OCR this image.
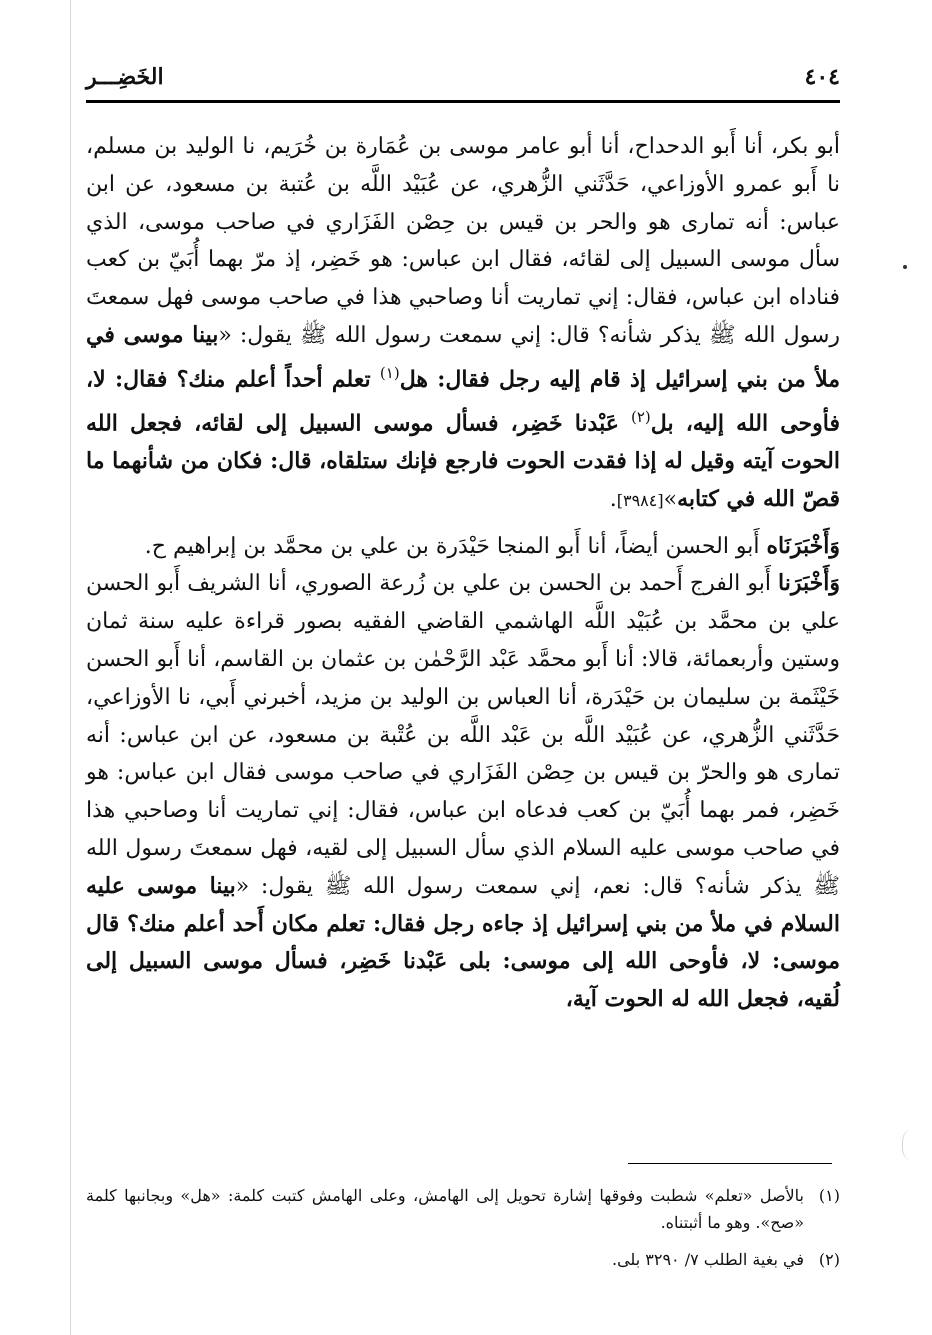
٤٠٤
الخَضِـــر

أبو بكر، أنا أَبو الدحداح، أنا أبو عامر موسى بن عُمَارة بن خُرَيم، نا الوليد بن مسلم، نا أَبو عمرو الأوزاعي، حَدَّثَني الزُّهري، عن عُبَيْد اللَّه بن عُتبة بن مسعود، عن ابن عباس: أنه تمارى هو والحر بن قيس بن حِصْن الفَزَاري في صاحب موسى، الذي سأل موسى السبيل إلى لقائه، فقال ابن عباس: هو خَضِر، إذ مرّ بهما أُبَيّ بن كعب فناداه ابن عباس، فقال: إني تماريت أنا وصاحبي هذا في صاحب موسى فهل سمعتَ رسول الله ﷺ يذكر شأنه؟ قال: إني سمعت رسول الله ﷺ يقول: «بينا موسى في ملأ من بني إسرائيل إذ قام إليه رجل فقال: هل$^{(١)}$ تعلم أحداً أعلم منك؟ فقال: لا، فأوحى الله إليه، بل$^{(٢)}$ عَبْدنا خَضِر، فسأل موسى السبيل إلى لقائه، فجعل الله الحوت آيته وقيل له إذا فقدت الحوت فارجع فإنك ستلقاه، قال: فكان من شأنهما ما قصّ الله في كتابه»[٣٩٨٤].

وَأَخْبَرَنَاه أَبو الحسن أيضاً، أنا أَبو المنجا حَيْدَرة بن علي بن محمَّد بن إبراهيم ح.

وَأَخْبَرَنا أَبو الفرج أَحمد بن الحسن بن علي بن زُرعة الصوري، أنا الشريف أَبو الحسن علي بن محمَّد بن عُبَيْد اللَّه الهاشمي القاضي الفقيه بصور قراءة عليه سنة ثمان وستين وأربعمائة، قالا: أنا أَبو محمَّد عَبْد الرَّحْمٰن بن عثمان بن القاسم، أنا أَبو الحسن خَيْثَمة بن سليمان بن حَيْدَرة، أنا العباس بن الوليد بن مزيد، أخبرني أَبي، نا الأوزاعي، حَدَّثَني الزُّهري، عن عُبَيْد اللَّه بن عَبْد اللَّه بن عُتْبة بن مسعود، عن ابن عباس: أنه تمارى هو والحرّ بن قيس بن حِصْن الفَزَاري في صاحب موسى فقال ابن عباس: هو خَضِر، فمر بهما أُبَيّ بن كعب فدعاه ابن عباس، فقال: إني تماريت أنا وصاحبي هذا في صاحب موسى عليه السلام الذي سأل السبيل إلى لقيه، فهل سمعتَ رسول الله ﷺ يذكر شأنه؟ قال: نعم، إني سمعت رسول الله ﷺ يقول: «بينا موسى عليه السلام في ملأ من بني إسرائيل إذ جاءه رجل فقال: تعلم مكان أَحد أعلم منك؟ قال موسى: لا، فأوحى الله إلى موسى: بلى عَبْدنا خَضِر، فسأل موسى السبيل إلى لُقيه، فجعل الله له الحوت آية،

(١)
بالأصل «تعلم» شطبت وفوقها إشارة تحويل إلى الهامش، وعلى الهامش كتبت كلمة: «هل» وبجانبها كلمة «صح». وهو ما أثبتناه.
(٢)
في بغية الطلب ٧/ ٣٢٩٠ بلى.
